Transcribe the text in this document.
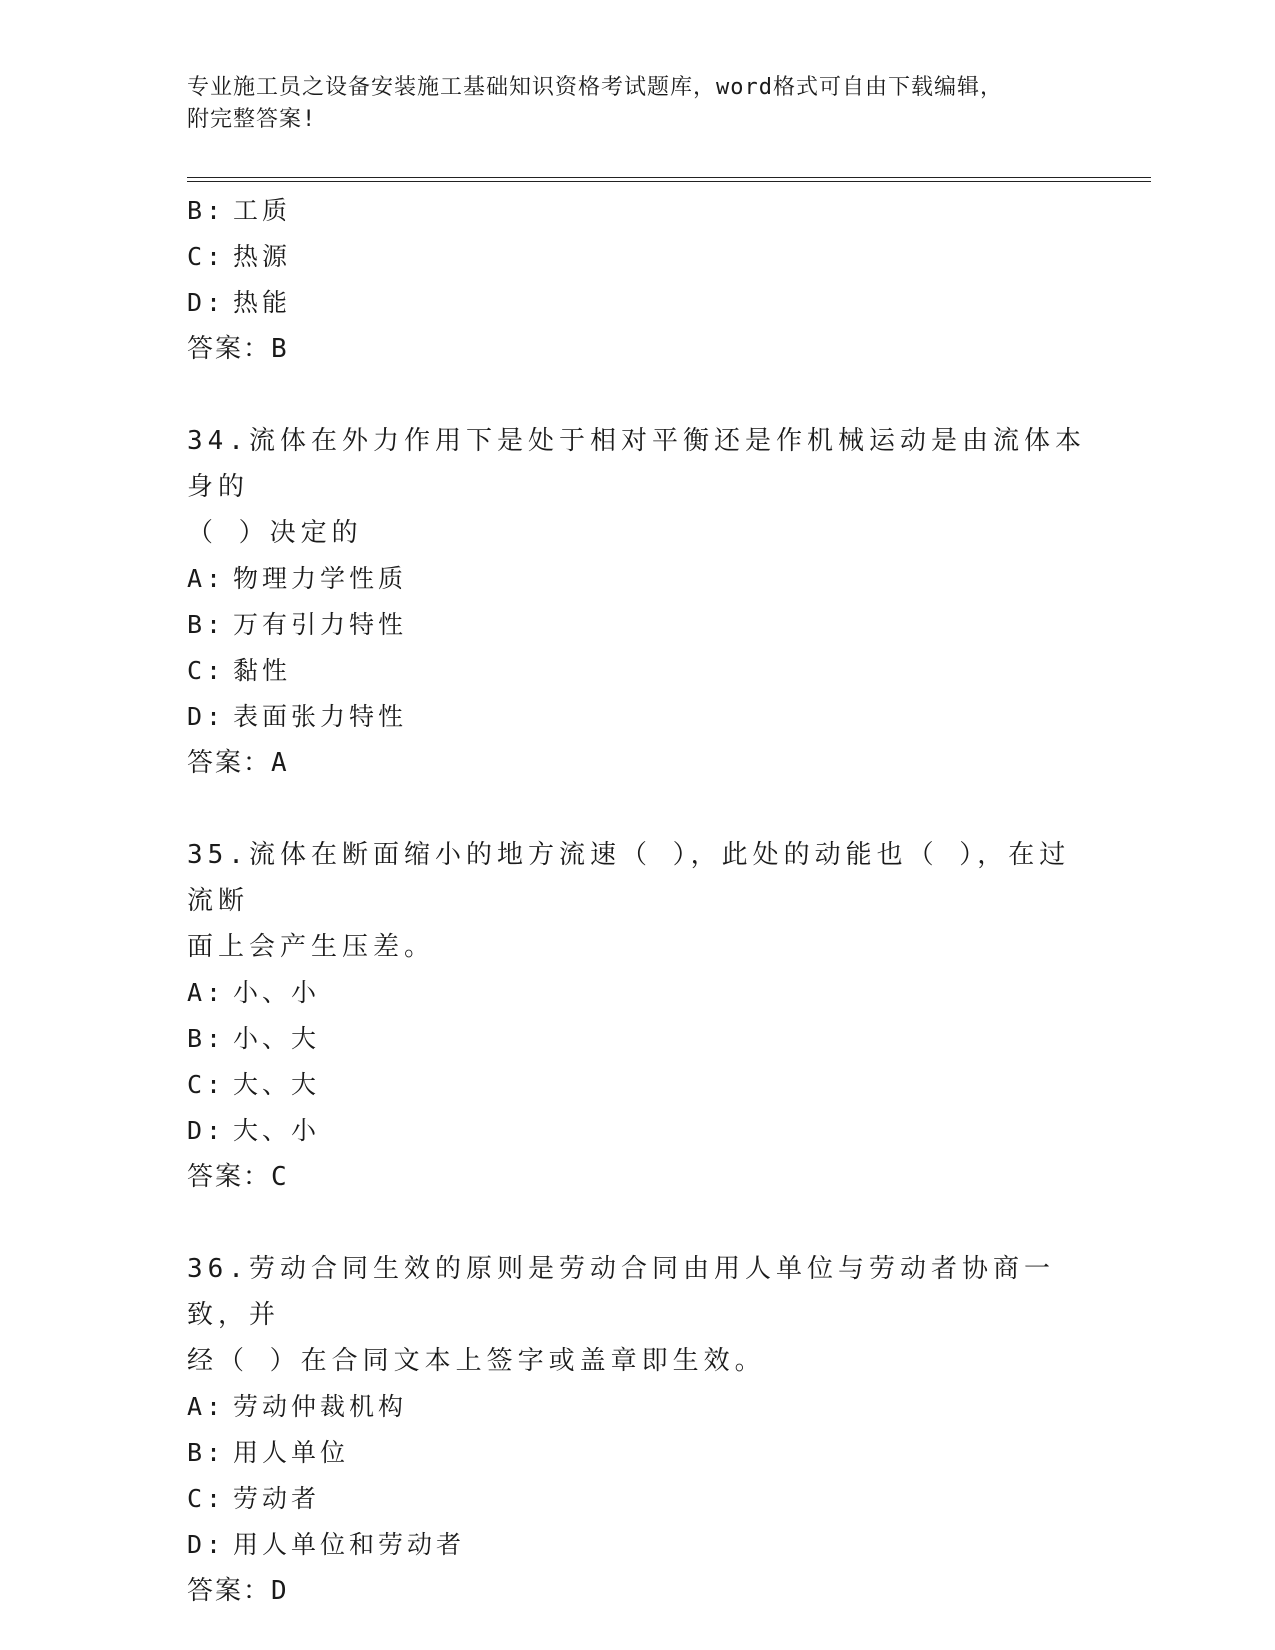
专业施工员之设备安装施工基础知识资格考试题库，word格式可自由下载编辑，
附完整答案!
B: 工质
C: 热源
D: 热能
答案：B
34.流体在外力作用下是处于相对平衡还是作机械运动是由流体本身的
（ ）决定的
A: 物理力学性质
B: 万有引力特性
C: 黏性
D: 表面张力特性
答案：A
35.流体在断面缩小的地方流速（ ），此处的动能也（ ），在过流断
面上会产生压差。
A: 小、小
B: 小、大
C: 大、大
D: 大、小
答案：C
36.劳动合同生效的原则是劳动合同由用人单位与劳动者协商一致，并
经（ ）在合同文本上签字或盖章即生效。
A: 劳动仲裁机构
B: 用人单位
C: 劳动者
D: 用人单位和劳动者
答案：D
